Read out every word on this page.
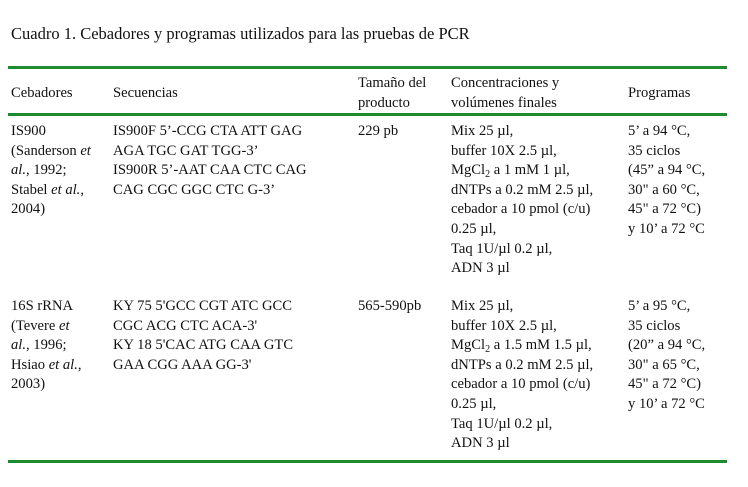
Cuadro 1. Cebadores y programas utilizados para las pruebas de PCR
Cebadores	Secuencias
Tamaño del
producto
Concentraciones y
volúmenes finales
Programas
IS900
(Sanderson et
al., 1992;
Stabel et al.,
2004)
IS900F 5’-CCG CTA ATT GAG
AGA TGC GAT TGG-3’
IS900R 5’-AAT CAA CTC CAG
CAG CGC GGC CTC G-3’
229 pb	Mix 25 µl,
buffer 10X 2.5 µl,
MgCl$_2$ a 1 mM 1 µl,
dNTPs a 0.2 mM 2.5 µl,
cebador a 10 pmol (c/u)
0.25 µl,
Taq 1U/µl 0.2 µl,
ADN 3 µl
5’ a 94 °C,
35 ciclos
(45” a 94 °C,
30" a 60 °C,
45" a 72 °C)
y 10’ a 72 °C
16S rRNA
(Tevere et
al., 1996;
Hsiao et al.,
2003)
KY 75 5'GCC CGT ATC GCC
CGC ACG CTC ACA-3'
KY 18 5'CAC ATG CAA GTC
GAA CGG AAA GG-3'
565-590pb Mix 25 µl,
buffer 10X 2.5 µl,
MgCl$_2$ a 1.5 mM 1.5 µl,
dNTPs a 0.2 mM 2.5 µl,
cebador a 10 pmol (c/u)
0.25 µl,
Taq 1U/µl 0.2 µl,
ADN 3 µl
5’ a 95 °C,
35 ciclos
(20” a 94 °C,
30" a 65 °C,
45" a 72 °C)
y 10’ a 72 °C
